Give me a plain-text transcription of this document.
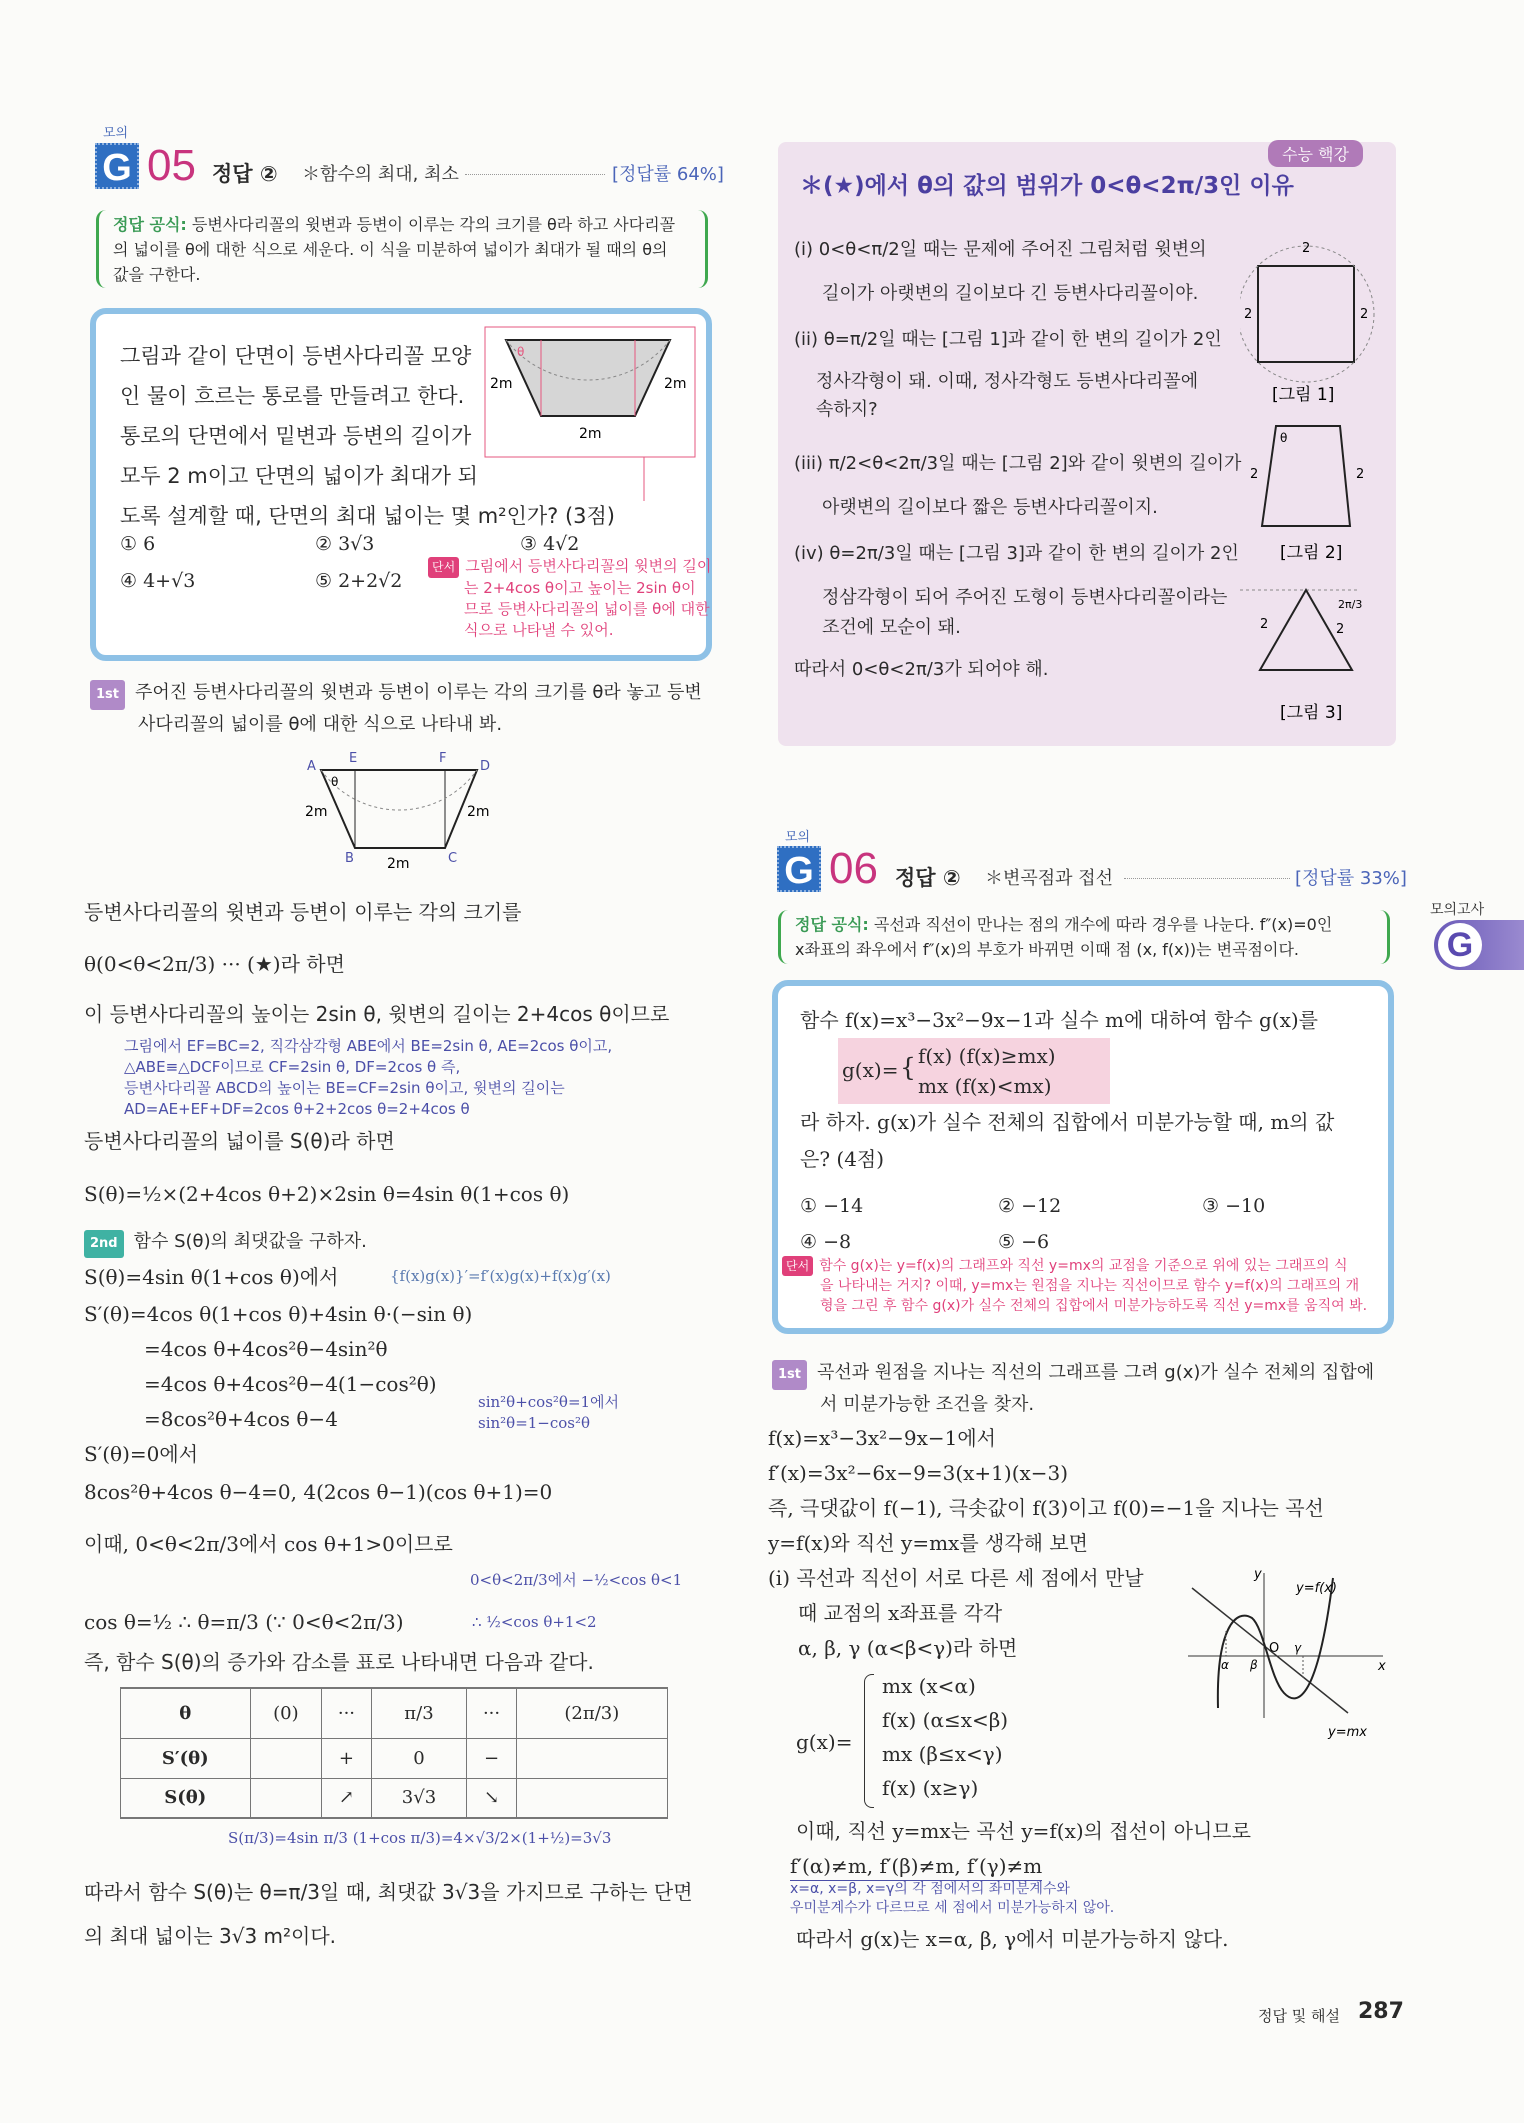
모의
G 05 정답 ② ＊함수의 최대, 최소	[정답률 64%]
정답 공식: 등변사다리꼴의 윗변과 등변이 이루는 각의 크기를 θ라 하고 사다리꼴
의 넓이를 θ에 대한 식으로 세운다. 이 식을 미분하여 넓이가 최대가 될 때의 θ의
값을 구한다.
그림과 같이 단면이 등변사다리꼴 모양
인 물이 흐르는 통로를 만들려고 한다.
통로의 단면에서 밑변과 등변의 길이가
모두 2 m이고 단면의 넓이가 최대가 되
도록 설계할 때, 단면의 최대 넓이는 몇 m²인가? (3점)
θ
2m	2m
2m
① 6	② 3√3	③ 4√2
④ 4+√3	⑤ 2+2√2
단서 그림에서 등변사다리꼴의 윗변의 길이
는 2+4cos θ이고 높이는 2sin θ이
므로 등변사다리꼴의 넓이를 θ에 대한
식으로 나타낼 수 있어.
1st 주어진 등변사다리꼴의 윗변과 등변이 이루는 각의 크기를 θ라 놓고 등변
사다리꼴의 넓이를 θ에 대한 식으로 나타내 봐.
A	D
E	F
B	C
2m	2m
2m
θ
등변사다리꼴의 윗변과 등변이 이루는 각의 크기를
θ(0<θ<2π/3) ··· (★)라 하면
이 등변사다리꼴의 높이는 2sin θ, 윗변의 길이는 2+4cos θ이므로
그림에서 EF=BC=2, 직각삼각형 ABE에서 BE=2sin θ, AE=2cos θ이고,
△ABE≡△DCF이므로 CF=2sin θ, DF=2cos θ 즉,
등변사다리꼴 ABCD의 높이는 BE=CF=2sin θ이고, 윗변의 길이는
AD=AE+EF+DF=2cos θ+2+2cos θ=2+4cos θ
등변사다리꼴의 넓이를 S(θ)라 하면
S(θ)=½×(2+4cos θ+2)×2sin θ=4sin θ(1+cos θ)
2nd 함수 S(θ)의 최댓값을 구하자.
S(θ)=4sin θ(1+cos θ)에서	{f(x)g(x)}′=f′(x)g(x)+f(x)g′(x)
S′(θ)=4cos θ(1+cos θ)+4sin θ·(−sin θ)
=4cos θ+4cos²θ−4sin²θ
=4cos θ+4cos²θ−4(1−cos²θ)
=8cos²θ+4cos θ−4
sin²θ+cos²θ=1에서
sin²θ=1−cos²θ
S′(θ)=0에서
8cos²θ+4cos θ−4=0, 4(2cos θ−1)(cos θ+1)=0
이때, 0<θ<2π/3에서 cos θ+1>0이므로
0<θ<2π/3에서 −½<cos θ<1
cos θ=½ ∴ θ=π/3 (∵ 0<θ<2π/3)	∴ ½<cos θ+1<2
즉, 함수 S(θ)의 증가와 감소를 표로 나타내면 다음과 같다.
θ	(0)	···	π/3	···	(2π/3)
S′(θ)		+	0	−	
S(θ)		↗	3√3	↘	
S(π/3)=4sin π/3 (1+cos π/3)=4×√3/2×(1+½)=3√3
따라서 함수 S(θ)는 θ=π/3일 때, 최댓값 3√3을 가지므로 구하는 단면
의 최대 넓이는 3√3 m²이다.
수능 핵강
＊(★)에서 θ의 값의 범위가 0<θ<2π/3인 이유
(i) 0<θ<π/2일 때는 문제에 주어진 그림처럼 윗변의
길이가 아랫변의 길이보다 긴 등변사다리꼴이야.
(ii) θ=π/2일 때는 [그림 1]과 같이 한 변의 길이가 2인
정사각형이 돼. 이때, 정사각형도 등변사다리꼴에
속하지?
(iii) π/2<θ<2π/3일 때는 [그림 2]와 같이 윗변의 길이가
아랫변의 길이보다 짧은 등변사다리꼴이지.
(iv) θ=2π/3일 때는 [그림 3]과 같이 한 변의 길이가 2인
정삼각형이 되어 주어진 도형이 등변사다리꼴이라는
조건에 모순이 돼.
따라서 0<θ<2π/3가 되어야 해.
2
2	2
[그림 1]
θ
2	2
[그림 2]
2	2
2π/3
[그림 3]
모의
G 06 정답 ② ＊변곡점과 접선	[정답률 33%]
정답 공식: 곡선과 직선이 만나는 점의 개수에 따라 경우를 나눈다. f″(x)=0인
x좌표의 좌우에서 f″(x)의 부호가 바뀌면 이때 점 (x, f(x))는 변곡점이다.
모의고사
G
함수 f(x)=x³−3x²−9x−1과 실수 m에 대하여 함수 g(x)를
g(x)= { f(x) (f(x)≥mx)
mx (f(x)<mx)
라 하자. g(x)가 실수 전체의 집합에서 미분가능할 때, m의 값
은? (4점)
① −14	② −12	③ −10
④ −8	⑤ −6
단서 함수 g(x)는 y=f(x)의 그래프와 직선 y=mx의 교점을 기준으로 위에 있는 그래프의 식
을 나타내는 거지? 이때, y=mx는 원점을 지나는 직선이므로 함수 y=f(x)의 그래프의 개
형을 그린 후 함수 g(x)가 실수 전체의 집합에서 미분가능하도록 직선 y=mx를 움직여 봐.
1st 곡선과 원점을 지나는 직선의 그래프를 그려 g(x)가 실수 전체의 집합에
서 미분가능한 조건을 찾자.
f(x)=x³−3x²−9x−1에서
f′(x)=3x²−6x−9=3(x+1)(x−3)
즉, 극댓값이 f(−1), 극솟값이 f(3)이고 f(0)=−1을 지나는 곡선
y=f(x)와 직선 y=mx를 생각해 보면
(i) 곡선과 직선이 서로 다른 세 점에서 만날
때 교점의 x좌표를 각각
α, β, γ (α<β<γ)라 하면
g(x)=
mx (x<α)
f(x) (α≤x<β)
mx (β≤x<γ)
f(x) (x≥γ)
y
x
O γ
α β
y=f(x)
y=mx
이때, 직선 y=mx는 곡선 y=f(x)의 접선이 아니므로
f′(α)≠m, f′(β)≠m, f′(γ)≠m
x=α, x=β, x=γ의 각 점에서의 좌미분계수와
우미분계수가 다르므로 세 점에서 미분가능하지 않아.
따라서 g(x)는 x=α, β, γ에서 미분가능하지 않다.
정답 및 해설 287
